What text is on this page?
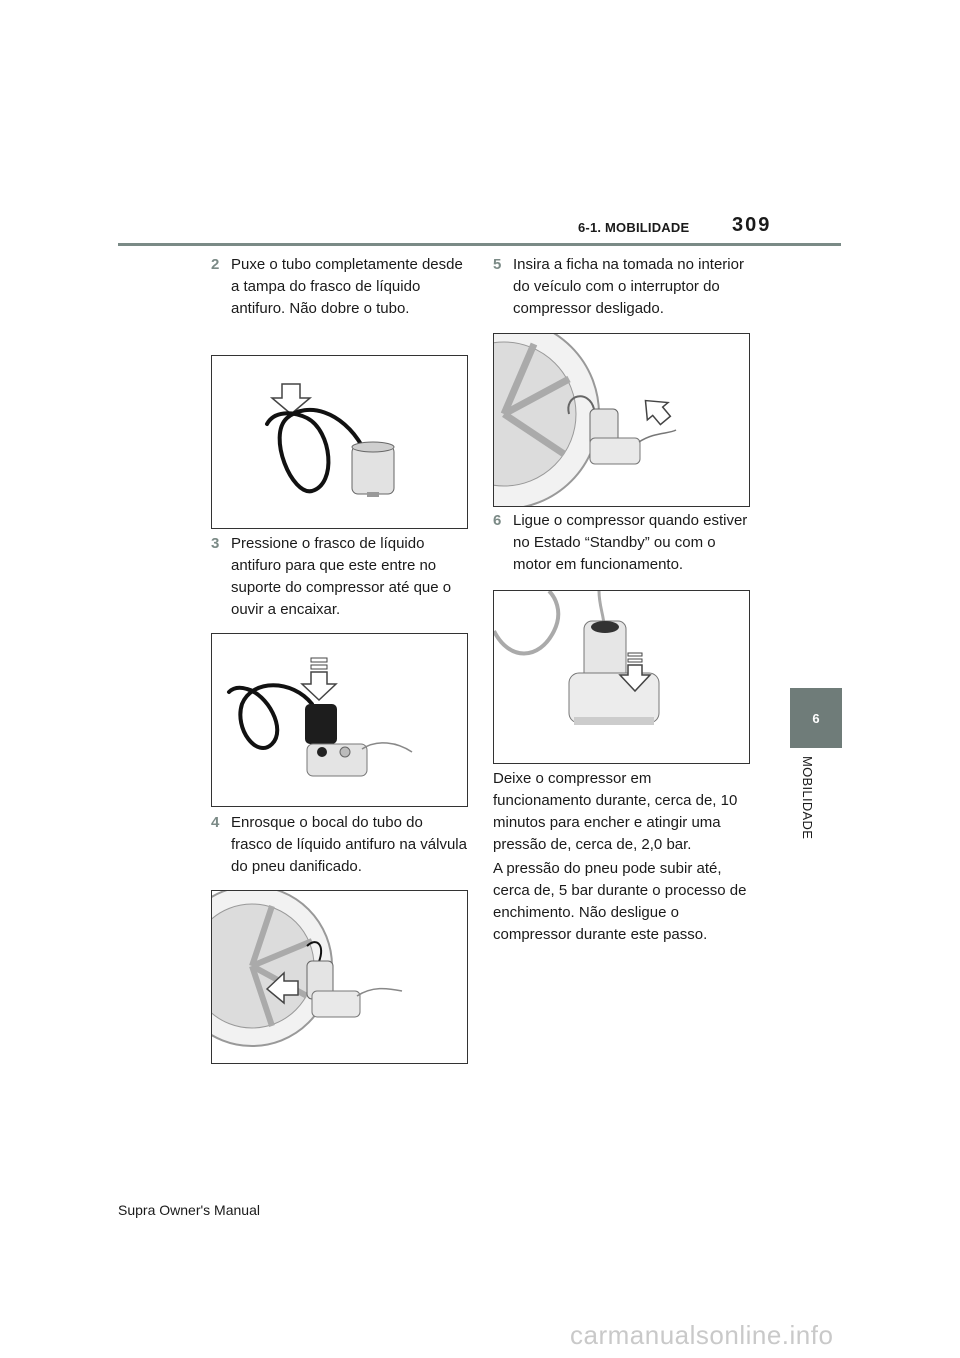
6-1. MOBILIDADE 309
6
MOBILIDADE
2 Puxe o tubo completamente desde a tampa do frasco de líquido antifuro. Não dobre o tubo.
3 Pressione o frasco de líquido antifuro para que este entre no suporte do compressor até que o ouvir a encaixar.
4 Enrosque o bocal do tubo do frasco de líquido antifuro na válvula do pneu danificado.
5 Insira a ficha na tomada no interior do veículo com o interruptor do compressor desligado.
6 Ligue o compressor quando estiver no Estado “Standby” ou com o motor em funcionamento.
Deixe o compressor em funcionamento durante, cerca de, 10 minutos para encher e atingir uma pressão de, cerca de, 2,0 bar.
A pressão do pneu pode subir até, cerca de, 5 bar durante o processo de enchimento. Não desligue o compressor durante este passo.
Supra Owner's Manual
carmanualsonline.info
